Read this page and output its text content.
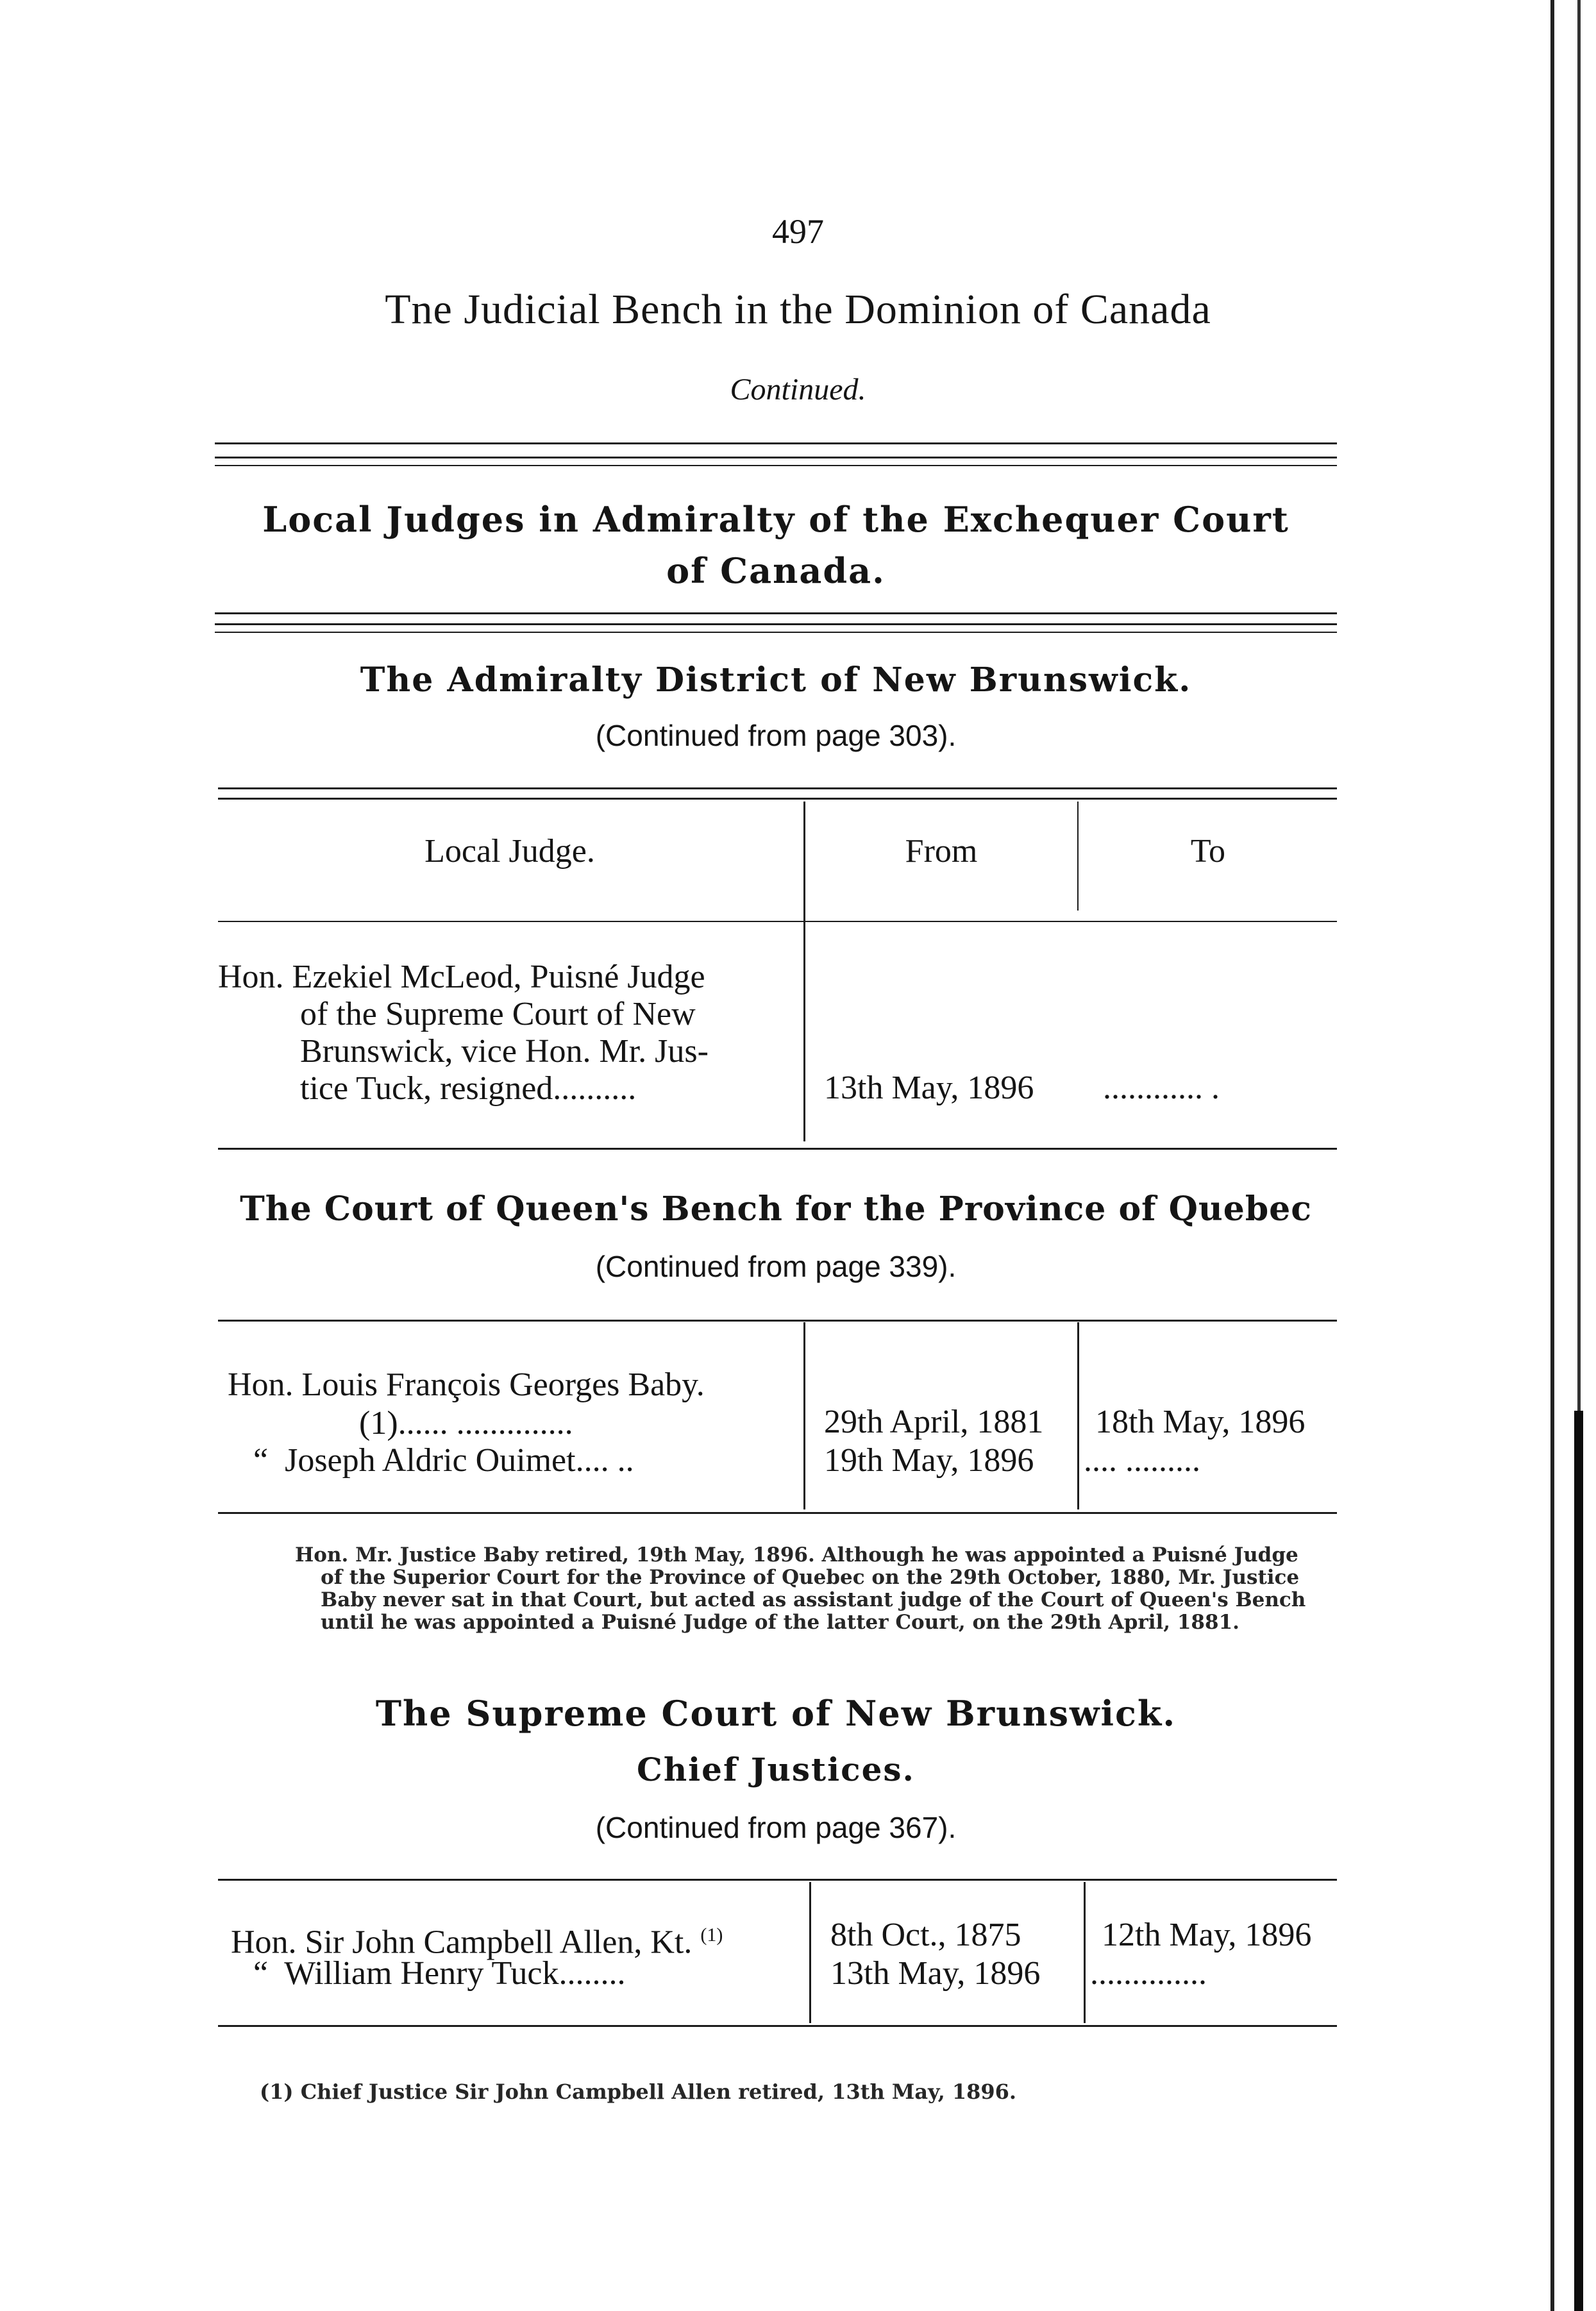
497
Tne Judicial Bench in the Dominion of Canada
Continued.
Local Judges in Admiralty of the Exchequer Court
of Canada.
The Admiralty District of New Brunswick.
(Continued from page 303).
Local Judge.	From	To
Hon. Ezekiel McLeod, Puisné Judge
of the Supreme Court of New
Brunswick, vice Hon. Mr. Jus-
tice Tuck, resigned..........	13th May, 1896 ............ .
The Court of Queen's Bench for the Province of Quebec
(Continued from page 339).
Hon. Louis François Georges Baby.
(1)...... ..............	29th April, 1881 18th May, 1896
“  Joseph Aldric Ouimet.... ..	19th May, 1896 .... .........
Hon. Mr. Justice Baby retired, 19th May, 1896. Although he was appointed a Puisné Judge
of the Superior Court for the Province of Quebec on the 29th October, 1880, Mr. Justice
Baby never sat in that Court, but acted as assistant judge of the Court of Queen's Bench
until he was appointed a Puisné Judge of the latter Court, on the 29th April, 1881.
The Supreme Court of New Brunswick.
Chief Justices.
(Continued from page 367).
Hon. Sir John Campbell Allen, Kt. $^{(1)}$	8th Oct., 1875 12th May, 1896
“  William Henry Tuck........	13th May, 1896 ..............
(1) Chief Justice Sir John Campbell Allen retired, 13th May, 1896.
